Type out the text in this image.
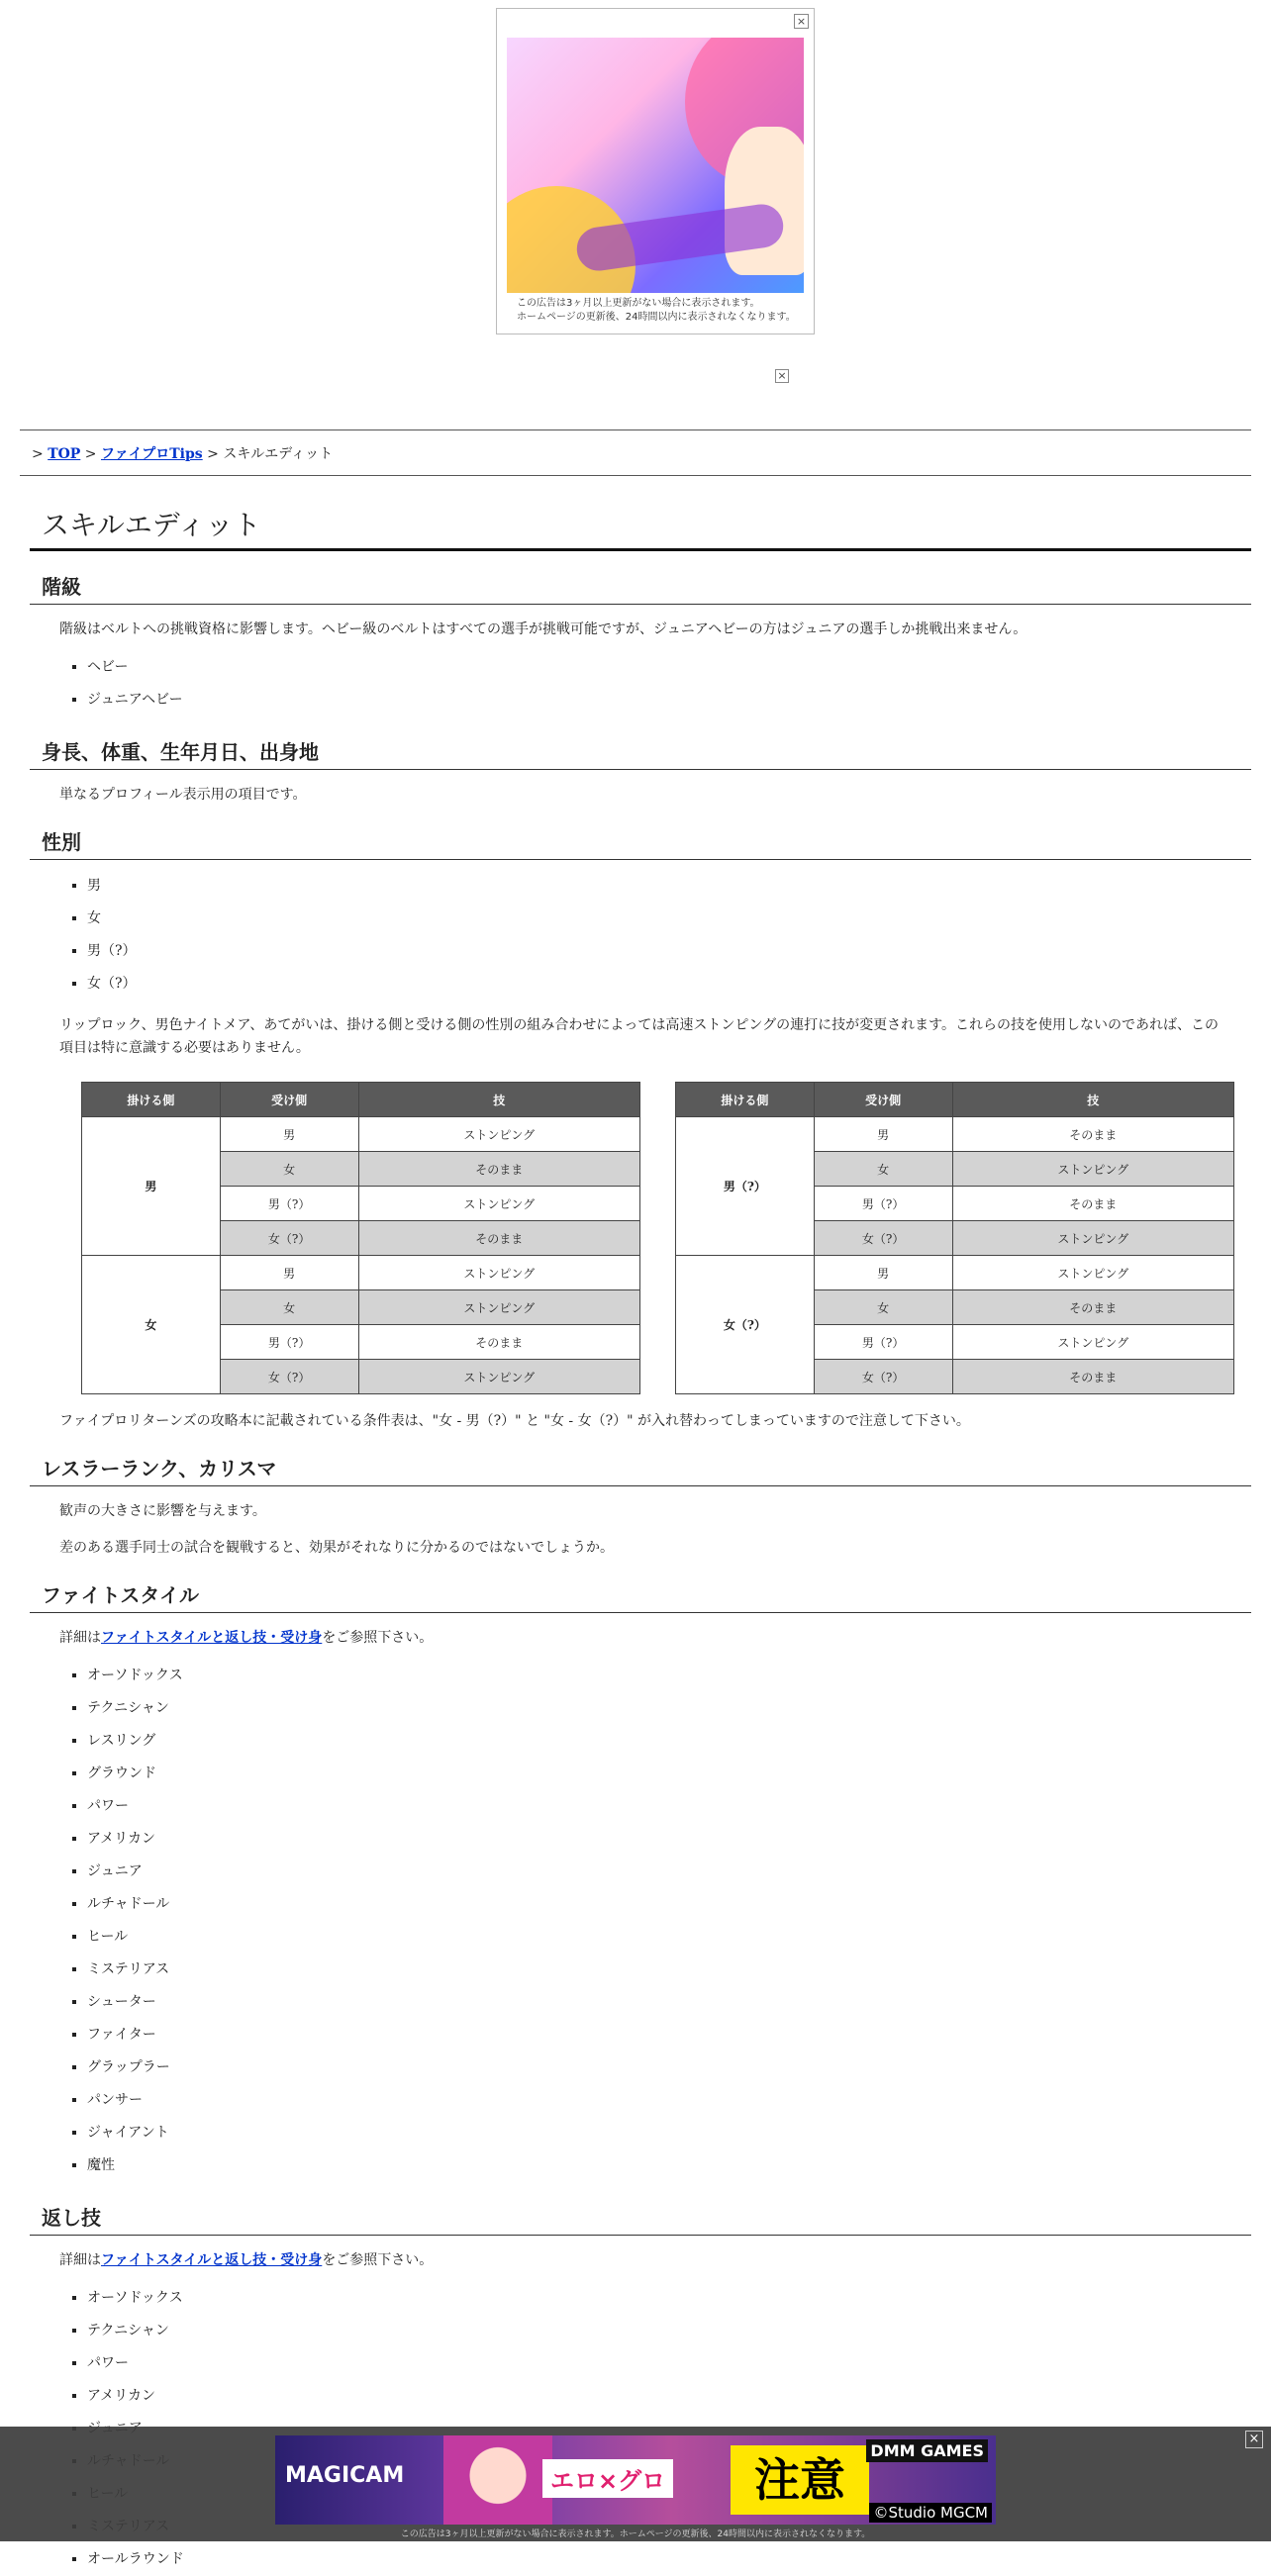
×
この広告は3ヶ月以上更新がない場合に表示されます。
ホームページの更新後、24時間以内に表示されなくなります。
×
> TOP > ファイプロTips > スキルエディット
スキルエディット
階級

階級はベルトへの挑戦資格に影響します。ヘビー級のベルトはすべての選手が挑戦可能ですが、ジュニアヘビーの方はジュニアの選手しか挑戦出来ません。

▪ ヘビー
▪ ジュニアヘビー
身長、体重、生年月日、出身地

単なるプロフィール表示用の項目です。

性別
▪ 男
▪ 女
▪ 男（?）
▪ 女（?）

リップロック、男色ナイトメア、あてがいは、掛ける側と受ける側の性別の組み合わせによっては高速ストンピングの連打に技が変更されます。これらの技を使用しないのであれば、この項目は特に意識する必要はありません。

掛ける側	受け側	技
男	男	ストンピング
	女	そのまま
	男（?）	ストンピング
	女（?）	そのまま
女	男	ストンピング
	女	ストンピング
	男（?）	そのまま
	女（?）	ストンピング
掛ける側	受け側	技
男（?）	男	そのまま
	女	ストンピング
	男（?）	そのまま
	女（?）	ストンピング
女（?）	男	ストンピング
	女	そのまま
	男（?）	ストンピング
	女（?）	そのまま

ファイプロリターンズの攻略本に記載されている条件表は、"女 - 男（?）" と "女 - 女（?）" が入れ替わってしまっていますので注意して下さい。

レスラーランク、カリスマ

歓声の大きさに影響を与えます。

差のある選手同士の試合を観戦すると、効果がそれなりに分かるのではないでしょうか。

ファイトスタイル

詳細はファイトスタイルと返し技・受け身をご参照下さい。

▪ オーソドックス
▪ テクニシャン
▪ レスリング
▪ グラウンド
▪ パワー
▪ アメリカン
▪ ジュニア
▪ ルチャドール
▪ ヒール
▪ ミステリアス
▪ シューター
▪ ファイター
▪ グラップラー
▪ パンサー
▪ ジャイアント
▪ 魔性
返し技

詳細はファイトスタイルと返し技・受け身をご参照下さい。

▪ オーソドックス
▪ テクニシャン
▪ パワー
▪ アメリカン
▪
▪
▪
▪
▪ オールラウンド
×
MAGICAM	エロ×グロ	注意
DMM GAMES
©Studio MGCM
この広告は3ヶ月以上更新がない場合に表示されます。ホームページの更新後、24時間以内に表示されなくなります。
